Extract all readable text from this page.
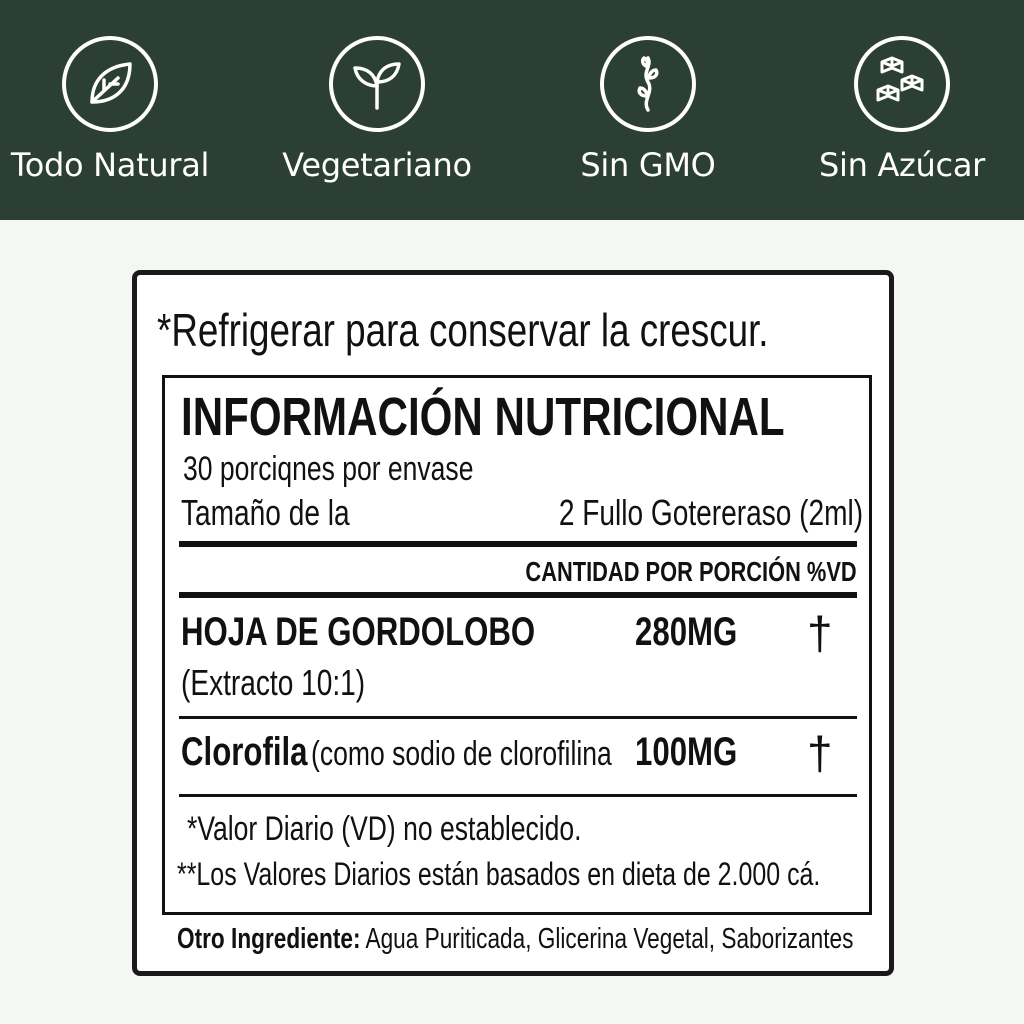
Todo Natural	Vegetariano	Sin GMO	Sin Azúcar
*Refrigerar para conservar la crescur.
INFORMACIÓN NUTRICIONAL
30 porciqnes por envase
Tamaño de la	2 Fullo Gotereraso (2ml)
CANTIDAD POR PORCIÓN %VD
HOJA DE GORDOLOBO 280MG †
(Extracto 10:1)
Clorofila (como sodio de clorofilina 100MG †
*Valor Diario (VD) no establecido.
**Los Valores Diarios están basados en dieta de 2.000 cá.
Otro Ingrediente: Agua Puriticada, Glicerina Vegetal, Saborizantes
